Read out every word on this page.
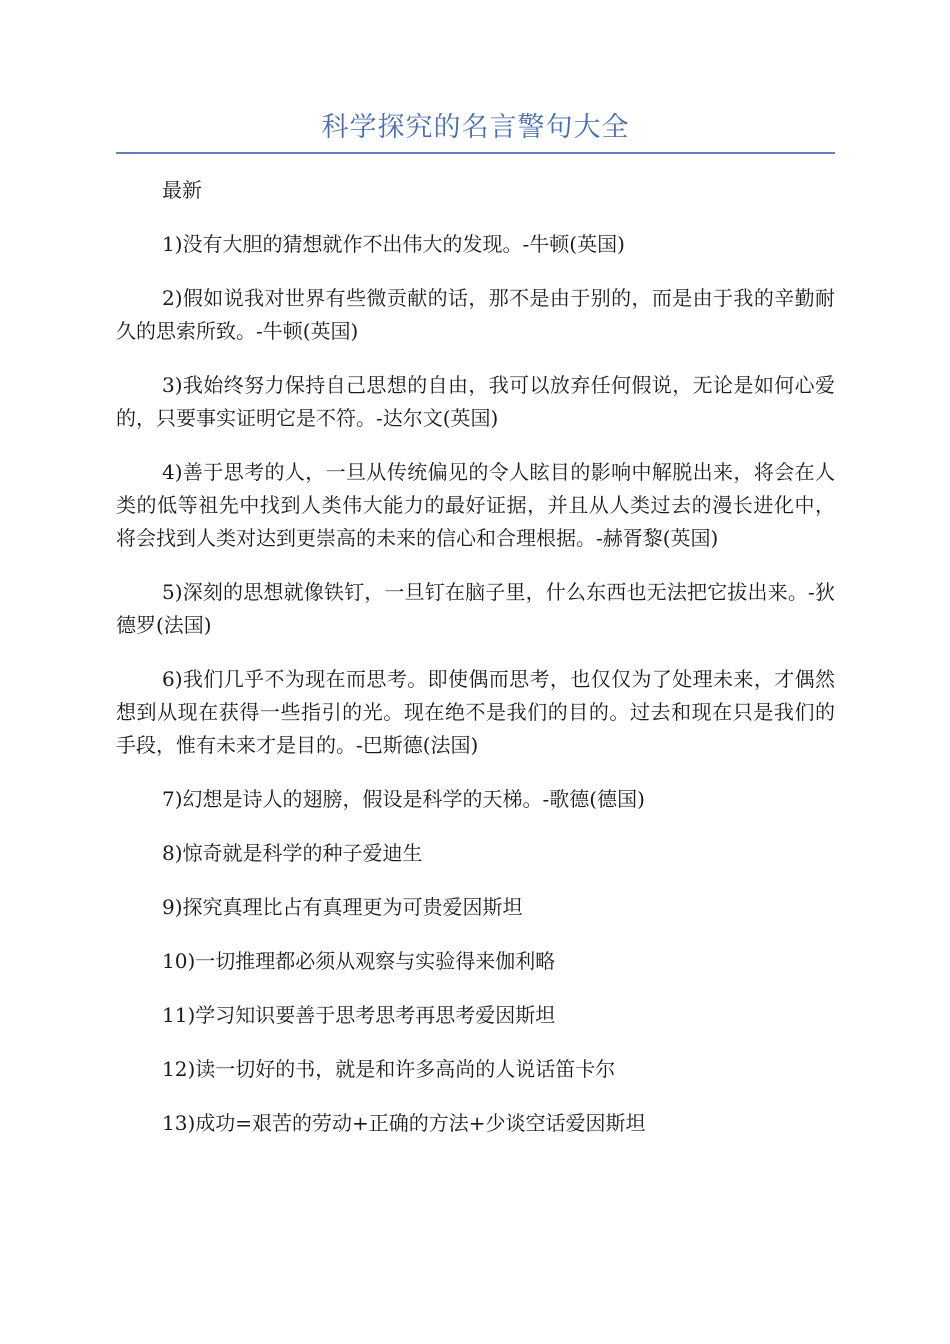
科学探究的名言警句大全

最新

1)没有大胆的猜想就作不出伟大的发现。-牛顿(英国)

2)假如说我对世界有些微贡献的话，那不是由于别的，而是由于我的辛勤耐久的思索所致。-牛顿(英国)

3)我始终努力保持自己思想的自由，我可以放弃任何假说，无论是如何心爱的，只要事实证明它是不符。-达尔文(英国)

4)善于思考的人，一旦从传统偏见的令人眩目的影响中解脱出来，将会在人类的低等祖先中找到人类伟大能力的最好证据，并且从人类过去的漫长进化中，将会找到人类对达到更崇高的未来的信心和合理根据。-赫胥黎(英国)

5)深刻的思想就像铁钉，一旦钉在脑子里，什么东西也无法把它拔出来。-狄德罗(法国)

6)我们几乎不为现在而思考。即使偶而思考，也仅仅为了处理未来，才偶然想到从现在获得一些指引的光。现在绝不是我们的目的。过去和现在只是我们的手段，惟有未来才是目的。-巴斯德(法国)

7)幻想是诗人的翅膀，假设是科学的天梯。-歌德(德国)

8)惊奇就是科学的种子爱迪生

9)探究真理比占有真理更为可贵爱因斯坦

10)一切推理都必须从观察与实验得来伽利略

11)学习知识要善于思考思考再思考爱因斯坦

12)读一切好的书，就是和许多高尚的人说话笛卡尔

13)成功=艰苦的劳动+正确的方法+少谈空话爱因斯坦
